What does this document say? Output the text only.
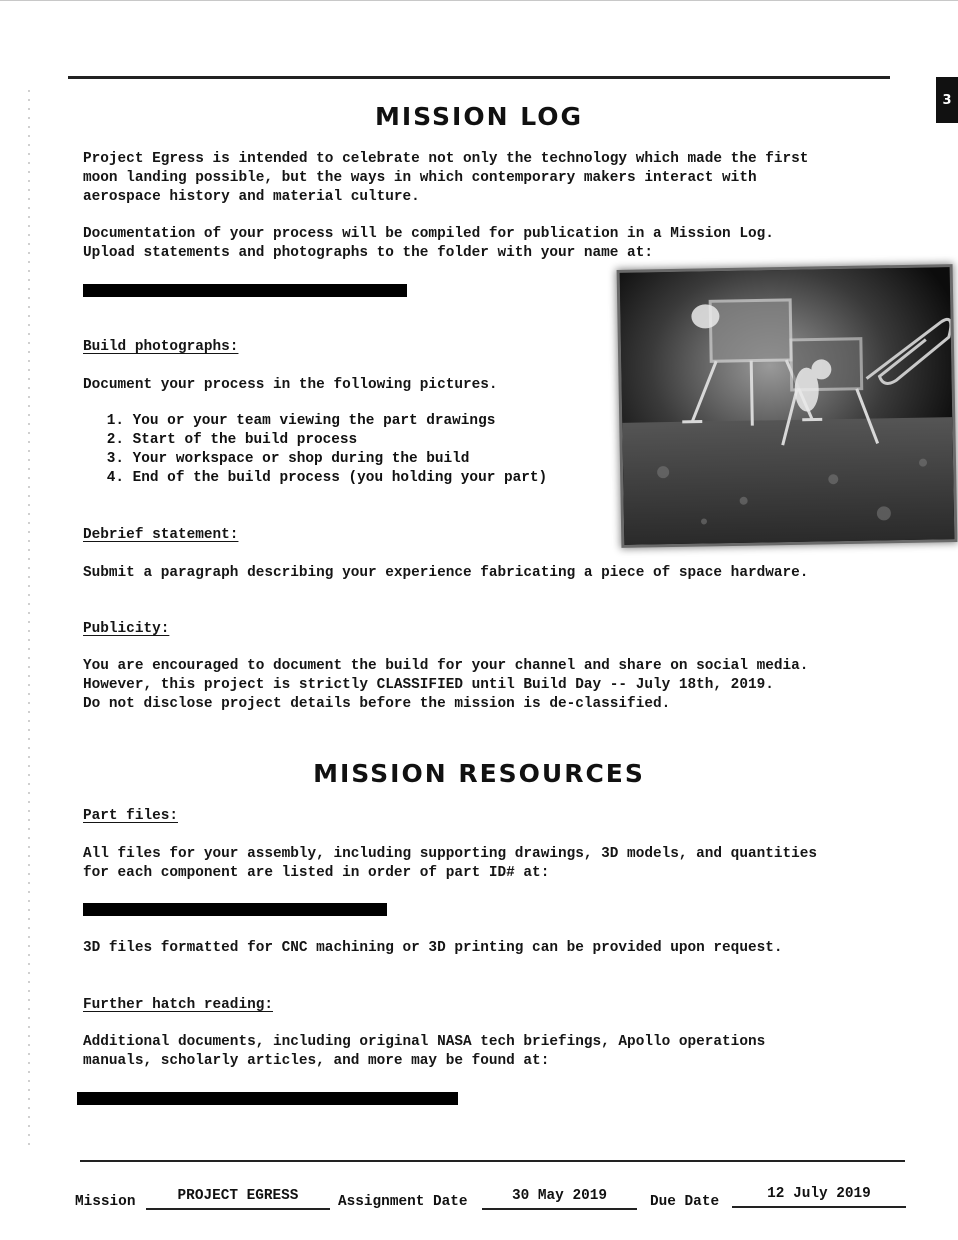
3
MISSION LOG

Project Egress is intended to celebrate not only the technology which made the first
moon landing possible, but the ways in which contemporary makers interact with
aerospace history and material culture.

Documentation of your process will be compiled for publication in a Mission Log.
Upload statements and photographs to the folder with your name at:

Build photographs:

Document your process in the following pictures.

1. You or your team viewing the part drawings
2. Start of the build process
3. Your workspace or shop during the build
4. End of the build process (you holding your part)
Debrief statement:

Submit a paragraph describing your experience fabricating a piece of space hardware.

Publicity:

You are encouraged to document the build for your channel and share on social media.
However, this project is strictly CLASSIFIED until Build Day -- July 18th, 2019.
Do not disclose project details before the mission is de-classified.

MISSION RESOURCES
Part files:

All files for your assembly, including supporting drawings, 3D models, and quantities
for each component are listed in order of part ID# at:

3D files formatted for CNC machining or 3D printing can be provided upon request.

Further hatch reading:

Additional documents, including original NASA tech briefings, Apollo operations
manuals, scholarly articles, and more may be found at:

Mission	PROJECT EGRESS	Assignment Date	30 May 2019	Due Date	12 July 2019
